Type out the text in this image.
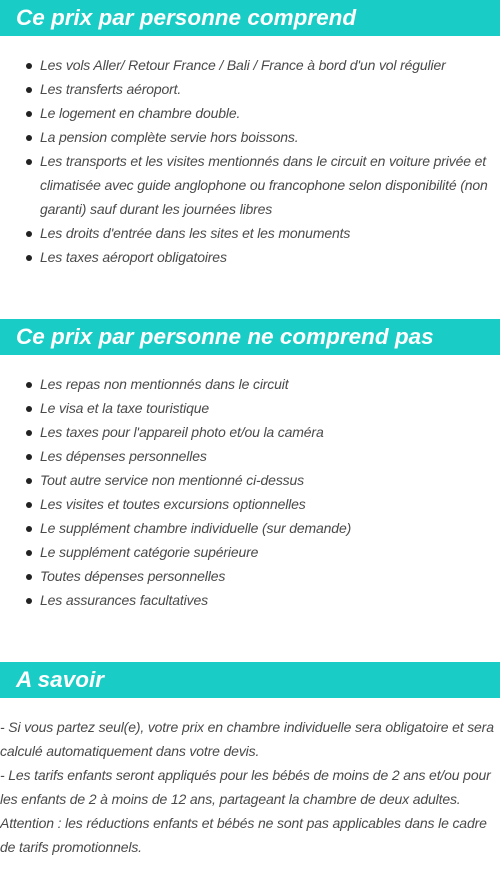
Ce prix par personne comprend
Les vols Aller/ Retour France / Bali / France à bord d'un vol régulier
Les transferts aéroport.
Le logement en chambre double.
La pension complète servie hors boissons.
Les transports et les visites mentionnés dans le circuit en voiture privée et climatisée avec guide anglophone ou francophone selon disponibilité (non garanti) sauf durant les journées libres
Les droits d'entrée dans les sites et les monuments
Les taxes aéroport obligatoires
Ce prix par personne ne comprend pas
Les repas non mentionnés dans le circuit
Le visa et la taxe touristique
Les taxes pour l'appareil photo et/ou la caméra
Les dépenses personnelles
Tout autre service non mentionné ci-dessus
Les visites et toutes excursions optionnelles
Le supplément chambre individuelle (sur demande)
Le supplément catégorie supérieure
Toutes dépenses personnelles
Les assurances facultatives
A savoir

- Si vous partez seul(e), votre prix en chambre individuelle sera obligatoire et sera calculé automatiquement dans votre devis.

- Les tarifs enfants seront appliqués pour les bébés de moins de 2 ans et/ou pour les enfants de 2 à moins de 12 ans, partageant la chambre de deux adultes.

Attention : les réductions enfants et bébés ne sont pas applicables dans le cadre de tarifs promotionnels.
